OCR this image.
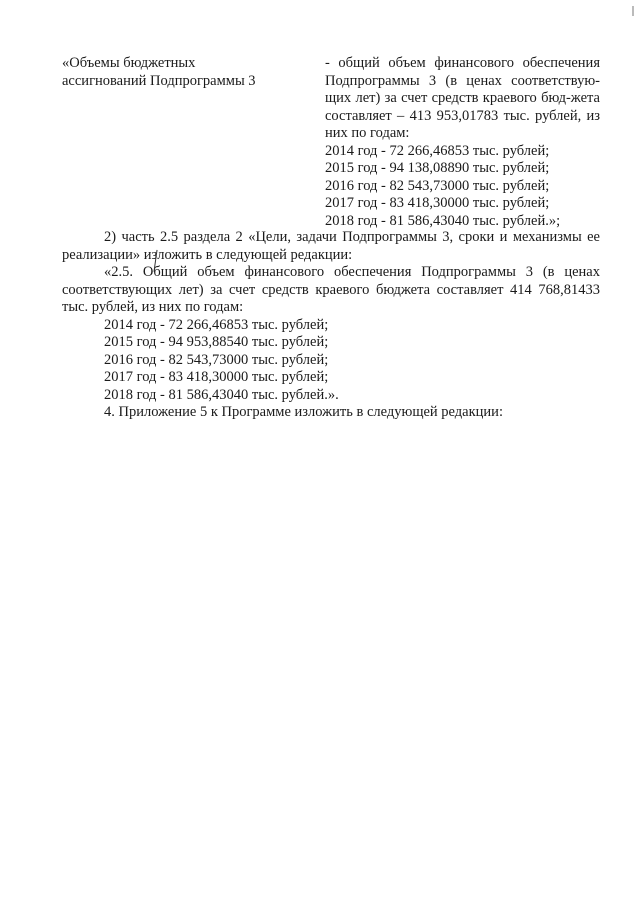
«Объемы бюджетных
ассигнований Подпрограммы 3
- общий объем финансового обеспечения Подпрограммы 3 (в ценах соответствую-щих лет) за счет средств краевого бюд-жета составляет – 413 953,01783 тыс. рублей, из них по годам:
2014 год - 72 266,46853 тыс. рублей;
2015 год - 94 138,08890 тыс. рублей;
2016 год - 82 543,73000 тыс. рублей;
2017 год - 83 418,30000 тыс. рублей;
2018 год - 81 586,43040 тыс. рублей.»;

2) часть 2.5 раздела 2 «Цели, задачи Подпрограммы 3, сроки и механизмы ее реализации» изложить в следующей редакции:

«2.5. Общий объем финансового обеспечения Подпрограммы 3 (в ценах соответствующих лет) за счет средств краевого бюджета составляет 414 768,81433 тыс. рублей, из них по годам:

2014 год - 72 266,46853 тыс. рублей;
2015 год - 94 953,88540 тыс. рублей;
2016 год - 82 543,73000 тыс. рублей;
2017 год - 83 418,30000 тыс. рублей;
2018 год - 81 586,43040 тыс. рублей.».

4. Приложение 5 к Программе изложить в следующей редакции:
